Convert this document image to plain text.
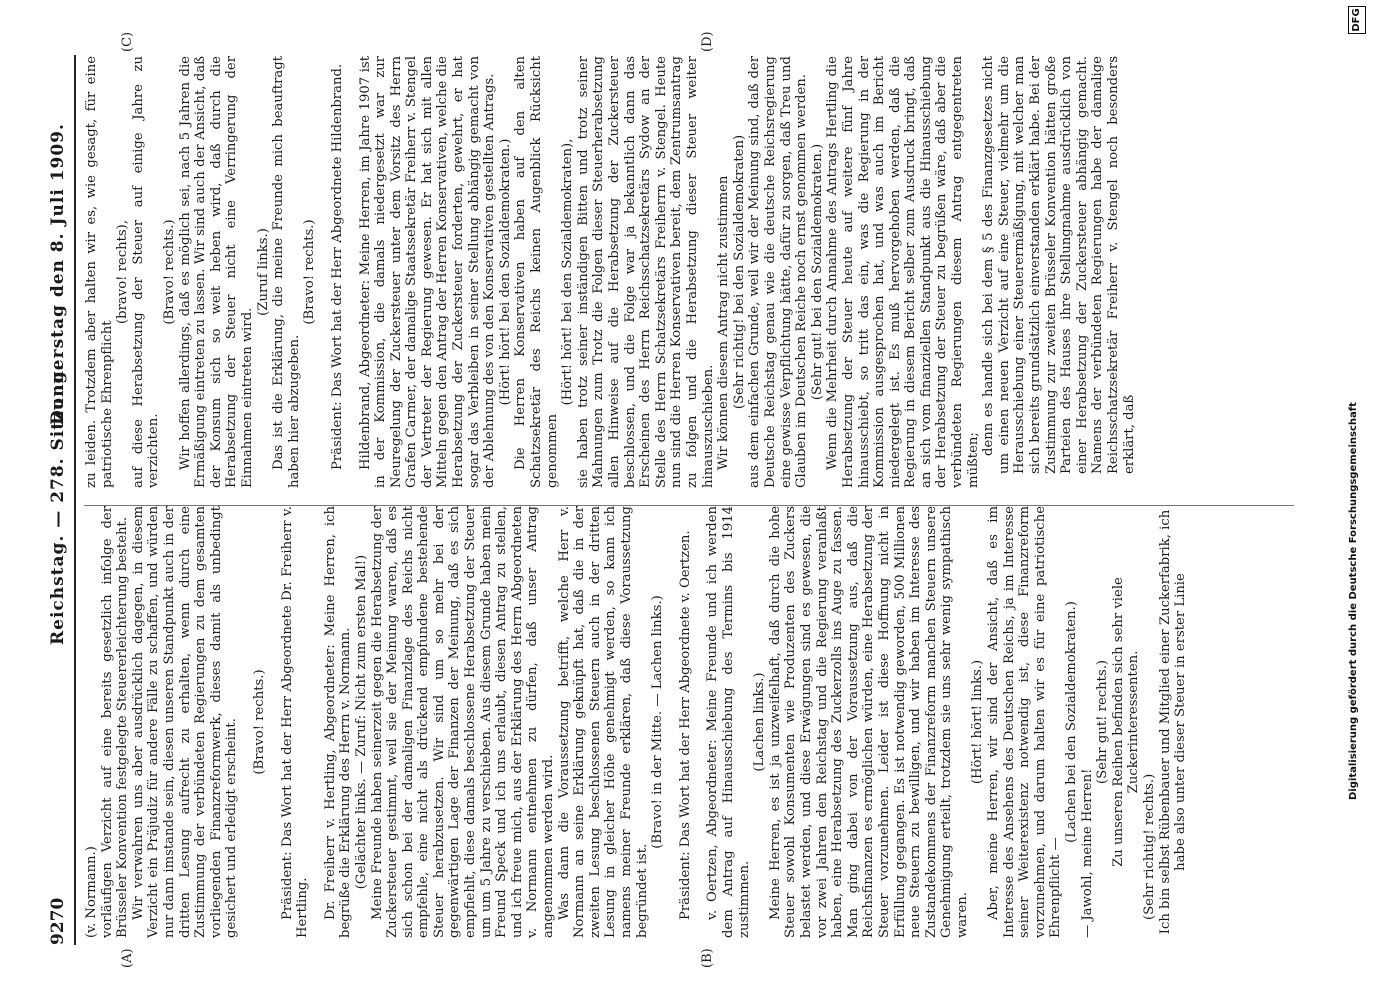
9270
Reichstag. — 278. Sitzung.
Donnerstag den 8. Juli 1909.
(A)	(B)
(C)	(D)

(v. Normann.) vorläufigen Verzicht auf eine bereits gesetzlich infolge der Brüsseler Konvention festgelegte Steuererleichterung besteht. Wir verwahren uns aber ausdrücklich dagegen, in diesem Verzicht ein Präjudiz für andere Fälle zu schaffen, und würden nur dann imstande sein, diesen unseren Standpunkt auch in der dritten Lesung aufrecht zu erhalten, wenn durch eine Zustimmung der verbündeten Regierungen zu dem gesamten vorliegenden Finanzreformwerk, dieses damit als unbedingt gesichert und erledigt erscheint. (Bravo! rechts.) Präsident: Das Wort hat der Herr Abgeordnete Dr. Freiherr v. Hertling. Dr. Freiherr v. Hertling, Abgeordneter: Meine Herren, ich begrüße die Erklärung des Herrn v. Normann. (Gelächter links. — Zuruf: Nicht zum ersten Mal!) Meine Freunde haben seinerzeit gegen die Herabsetzung der Zuckersteuer gestimmt, weil sie der Meinung waren, daß es sich schon bei der damaligen Finanzlage des Reichs nicht empfehle, eine nicht als drückend empfundene bestehende Steuer herabzusetzen. Wir sind um so mehr bei der gegenwärtigen Lage der Finanzen der Meinung, daß es sich empfiehlt, diese damals beschlossene Herabsetzung der Steuer um um 5 Jahre zu verschieben. Aus diesem Grunde haben mein Freund Speck und ich uns erlaubt, diesen Antrag zu stellen, und ich freue mich, aus der Erklärung des Herrn Abgeordneten v. Normann entnehmen zu dürfen, daß unser Antrag angenommen werden wird. Was dann die Voraussetzung betrifft, welche Herr v. Normann an seine Erklärung geknüpft hat, daß die in der zweiten Lesung beschlossenen Steuern auch in der dritten Lesung in gleicher Höhe genehmigt werden, so kann ich namens meiner Freunde erklären, daß diese Voraussetzung begründet ist.

(Bravo! in der Mitte. — Lachen links.) Präsident: Das Wort hat der Herr Abgeordnete v. Oertzen. v. Oertzen, Abgeordneter: Meine Freunde und ich werden dem Antrag auf Hinausschiebung des Termins bis 1914 zustimmen.

(Lachen links.) Meine Herren, es ist ja unzweifelhaft, daß durch die hohe Steuer sowohl Konsumenten wie Produzenten des Zuckers belastet werden, und diese Erwägungen sind es gewesen, die vor zwei Jahren den Reichstag und die Regierung veranlaßt haben, eine Herabsetzung des Zuckerzolls ins Auge zu fassen. Man ging dabei von der Voraussetzung aus, daß die Reichsfinanzen es ermöglichen würden, eine Herabsetzung der Steuer vorzunehmen. Leider ist diese Hoffnung nicht in Erfüllung gegangen. Es ist notwendig geworden, 500 Millionen neue Steuern zu bewilligen, und wir haben im Interesse des Zustandekommens der Finanzreform manchen Steuern unsere Genehmigung erteilt, trotzdem sie uns sehr wenig sympathisch waren.

(Hört! hört! links.) Aber, meine Herren, wir sind der Ansicht, daß es im Interesse des Ansehens des Deutschen Reichs, ja im Interesse seiner Weiterexistenz notwendig ist, diese Finanzreform vorzunehmen, und darum halten wir es für eine patriotische Ehrenpflicht —

(Lachen bei den Sozialdemokraten.)

— Jawohl, meine Herren!

(Sehr gut! rechts.) Zu unseren Reihen befinden sich sehr viele Zuckerinteressenten.

(Sehr richtig! rechts.) Ich bin selbst Rübenbauer und Mitglied einer Zuckerfabrik, ich habe also unter dieser Steuer in erster Linie

zu leiden. Trotzdem aber halten wir es, wie gesagt, für eine patriotische Ehrenpflicht

(bravo! rechts), auf diese Herabsetzung der Steuer auf einige Jahre zu verzichten.

(Bravo! rechts.) Wir hoffen allerdings, daß es möglich sei, nach 5 Jahren die Ermäßigung eintreten zu lassen. Wir sind auch der Ansicht, daß der Konsum sich so weit heben wird, daß durch die Herabsetzung der Steuer nicht eine Verringerung der Einnahmen eintreten wird.

(Zuruf links.) Das ist die Erklärung, die meine Freunde mich beauftragt haben hier abzugeben.

(Bravo! rechts.) Präsident: Das Wort hat der Herr Abgeordnete Hildenbrand. Hildenbrand, Abgeordneter: Meine Herren, im Jahre 1907 ist in der Kommission, die damals niedergesetzt war zur Neuregelung der Zuckersteuer unter dem Vorsitz des Herrn Grafen Carmer, der damalige Staatssekretär Freiherr v. Stengel der Vertreter der Regierung gewesen. Er hat sich mit allen Mitteln gegen den Antrag der Herren Konservativen, welche die Herabsetzung der Zuckersteuer forderten, gewehrt, er hat sogar das Verbleiben in seiner Stellung abhängig gemacht von der Ablehnung des von den Konservativen gestellten Antrags. (Hört! hört! bei den Sozialdemokraten.) Die Herren Konservativen haben auf den alten Schatzsekretär des Reichs keinen Augenblick Rücksicht genommen

(Hört! hört! bei den Sozialdemokraten), sie haben trotz seiner inständigen Bitten und trotz seiner Mahnungen zum Trotz die Folgen dieser Steuerherabsetzung allen Hinweise auf die Herabsetzung der Zuckersteuer beschlossen, und die Folge war ja bekanntlich dann das Erscheinen des Herrn Reichsschatzsekretärs Sydow an der Stelle des Herrn Schatzsekretärs Freiherrn v. Stengel. Heute nun sind die Herren Konservativen bereit, dem Zentrumsantrag zu folgen und die Herabsetzung dieser Steuer weiter hinauszuschieben. Wir können diesem Antrag nicht zustimmen (Sehr richtig! bei den Sozialdemokraten) aus dem einfachen Grunde, weil wir der Meinung sind, daß der Deutsche Reichstag genau wie die deutsche Reichsregierung eine gewisse Verpflichtung hätte, dafür zu sorgen, daß Treu und Glauben im Deutschen Reiche noch ernst genommen werden. (Sehr gut! bei den Sozialdemokraten.) Wenn die Mehrheit durch Annahme des Antrags Hertling die Herabsetzung der Steuer heute auf weitere fünf Jahre hinausschiebt, so tritt das ein, was die Regierung in der Kommission ausgesprochen hat, und was auch im Bericht niedergelegt ist. Es muß hervorgehoben werden, daß die Regierung in diesem Bericht selber zum Ausdruck bringt, daß an sich vom finanziellen Standpunkt aus die Hinausschiebung der Herabsetzung der Steuer zu begrüßen wäre, daß aber die verbündeten Regierungen diesem Antrag entgegentreten müßten;

denn es handle sich bei dem § 5 des Finanzgesetzes nicht um einen neuen Verzicht auf eine Steuer, vielmehr um die Herausschiebung einer Steuerermäßigung, mit welcher man sich bereits grundsätzlich einverstanden erklärt habe. Bei der Zustimmung zur zweiten Brüsseler Konvention hätten große Parteien des Hauses ihre Stellungnahme ausdrücklich von einer Herabsetzung der Zuckersteuer abhängig gemacht. Namens der verbündeten Regierungen habe der damalige Reichsschatzsekretär Freiherr v. Stengel noch besonders erklärt, daß	Digitalisierung gefördert durch die Deutsche Forschungsgemeinschaft
DFG
